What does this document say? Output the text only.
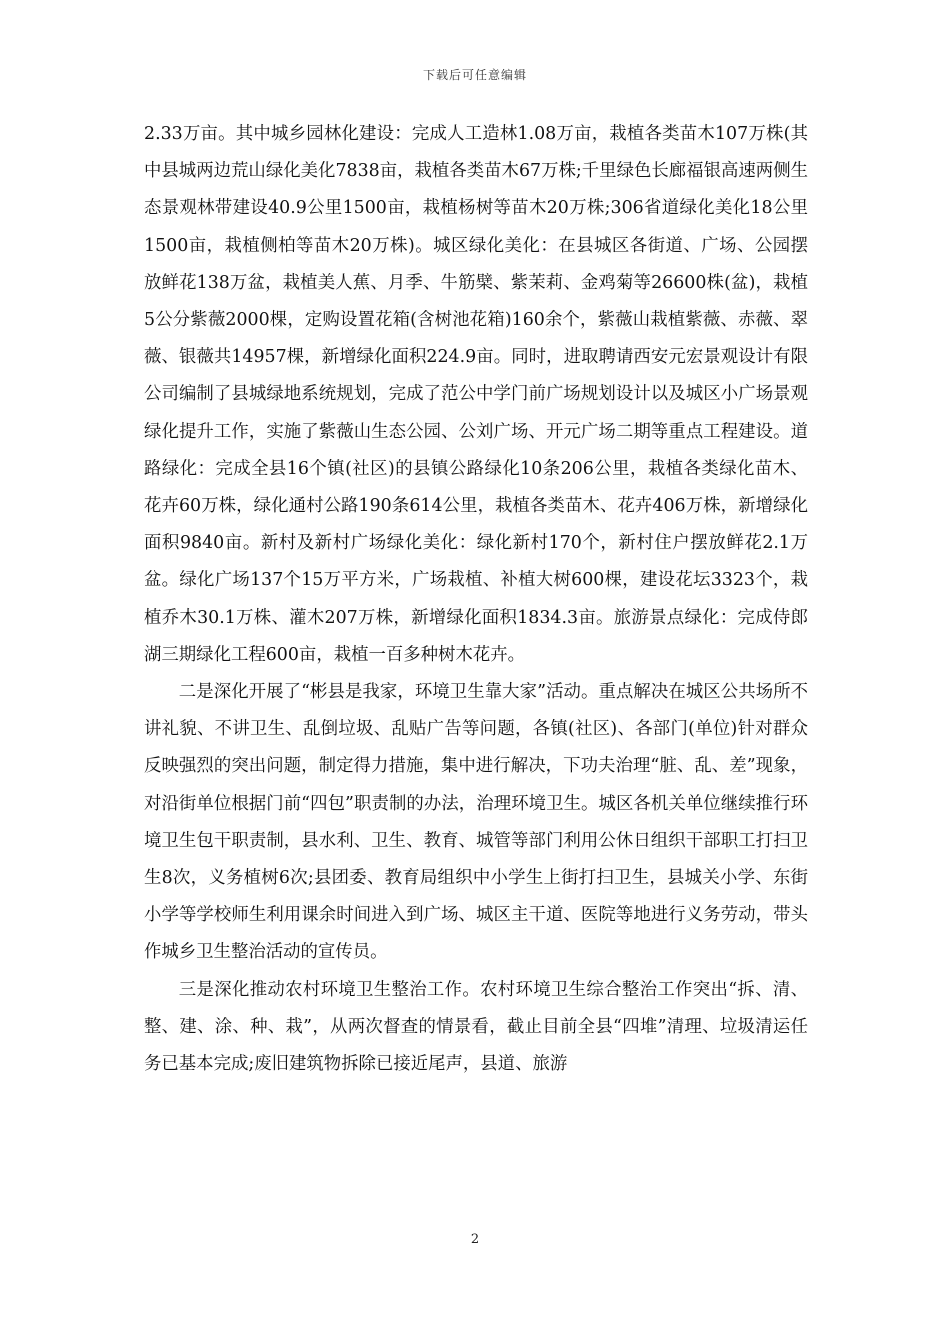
下载后可任意编辑

2.33万亩。其中城乡园林化建设：完成人工造林1.08万亩，栽植各类苗木107万株(其中县城两边荒山绿化美化7838亩，栽植各类苗木67万株;千里绿色长廊福银高速两侧生态景观林带建设40.9公里1500亩，栽植杨树等苗木20万株;306省道绿化美化18公里1500亩，栽植侧柏等苗木20万株)。城区绿化美化：在县城区各街道、广场、公园摆放鲜花138万盆，栽植美人蕉、月季、牛筋檗、紫茉莉、金鸡菊等26600株(盆)，栽植5公分紫薇2000棵，定购设置花箱(含树池花箱)160余个，紫薇山栽植紫薇、赤薇、翠薇、银薇共14957棵，新增绿化面积224.9亩。同时，进取聘请西安元宏景观设计有限公司编制了县城绿地系统规划，完成了范公中学门前广场规划设计以及城区小广场景观绿化提升工作，实施了紫薇山生态公园、公刘广场、开元广场二期等重点工程建设。道路绿化：完成全县16个镇(社区)的县镇公路绿化10条206公里，栽植各类绿化苗木、花卉60万株，绿化通村公路190条614公里，栽植各类苗木、花卉406万株，新增绿化面积9840亩。新村及新村广场绿化美化：绿化新村170个，新村住户摆放鲜花2.1万盆。绿化广场137个15万平方米，广场栽植、补植大树600棵，建设花坛3323个，栽植乔木30.1万株、灌木207万株，新增绿化面积1834.3亩。旅游景点绿化：完成侍郎湖三期绿化工程600亩，栽植一百多种树木花卉。

二是深化开展了“彬县是我家，环境卫生靠大家”活动。重点解决在城区公共场所不讲礼貌、不讲卫生、乱倒垃圾、乱贴广告等问题，各镇(社区)、各部门(单位)针对群众反映强烈的突出问题，制定得力措施，集中进行解决，下功夫治理“脏、乱、差”现象，对沿街单位根据门前“四包”职责制的办法，治理环境卫生。城区各机关单位继续推行环境卫生包干职责制，县水利、卫生、教育、城管等部门利用公休日组织干部职工打扫卫生8次，义务植树6次;县团委、教育局组织中小学生上街打扫卫生，县城关小学、东街小学等学校师生利用课余时间进入到广场、城区主干道、医院等地进行义务劳动，带头作城乡卫生整治活动的宣传员。

三是深化推动农村环境卫生整治工作。农村环境卫生综合整治工作突出“拆、清、整、建、涂、种、栽”，从两次督查的情景看，截止目前全县“四堆”清理、垃圾清运任务已基本完成;废旧建筑物拆除已接近尾声，县道、旅游

2
